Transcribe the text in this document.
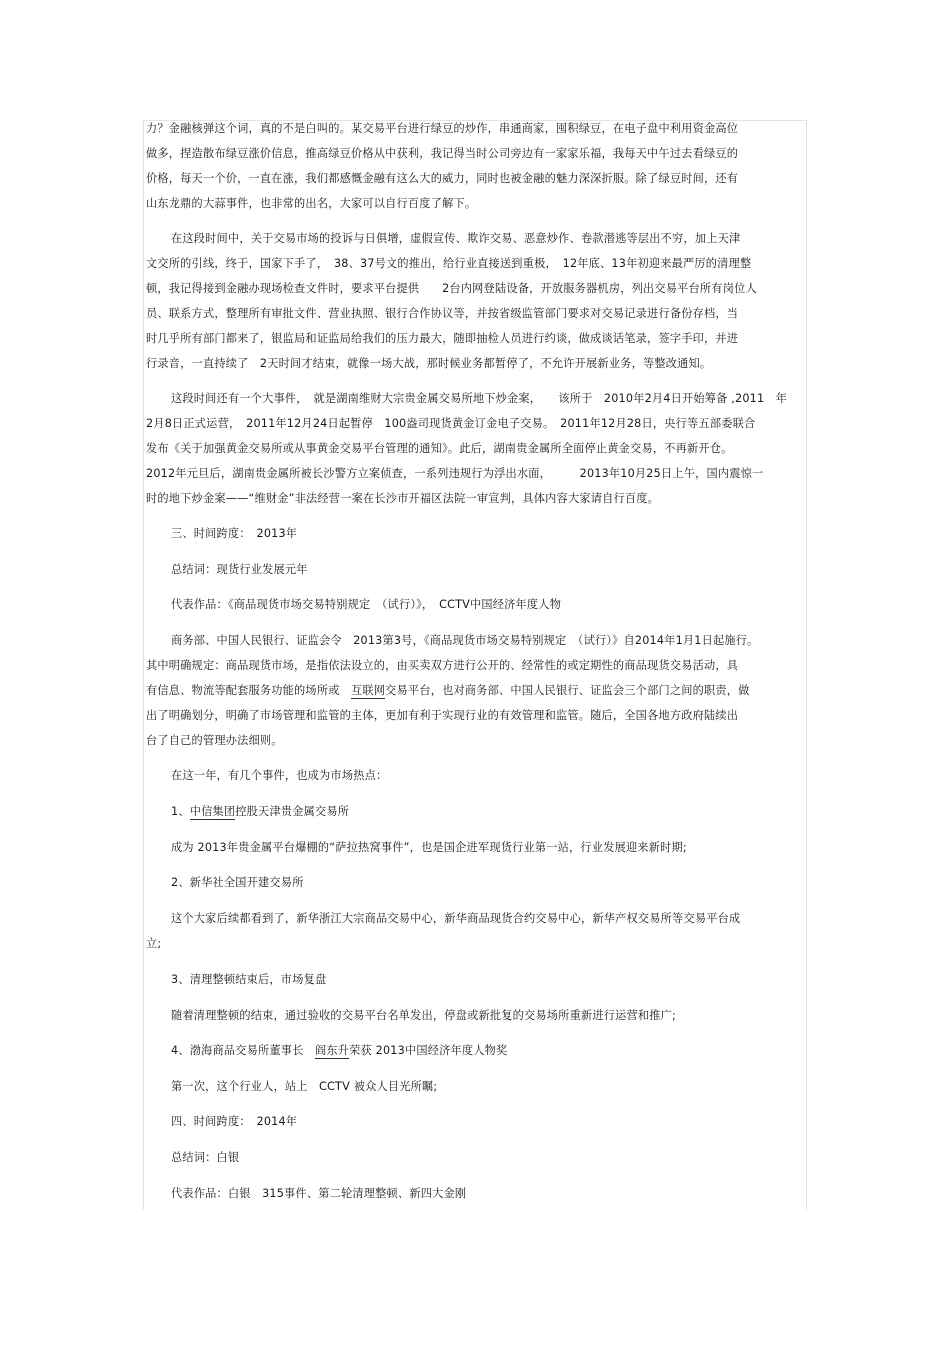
力？金融核弹这个词，真的不是白叫的。某交易平台进行绿豆的炒作，串通商家，囤积绿豆，在电子盘中利用资金高位
做多，捏造散布绿豆涨价信息，推高绿豆价格从中获利，我记得当时公司旁边有一家家乐福，我每天中午过去看绿豆的
价格，每天一个价，一直在涨，我们都感慨金融有这么大的威力，同时也被金融的魅力深深折服。除了绿豆时间，还有
山东龙鼎的大蒜事件，也非常的出名，大家可以自行百度了解下。
在这段时间中，关于交易市场的投诉与日俱增，虚假宣传、欺诈交易、恶意炒作、卷款潜逃等层出不穷，加上天津
文交所的引线，终于，国家下手了，　38、37号文的推出，给行业直接送到重极，　12年底、13年初迎来最严厉的清理整
顿，我记得接到金融办现场检查文件时，要求平台提供　　2台内网登陆设备，开放服务器机房，列出交易平台所有岗位人
员、联系方式，整理所有审批文件、营业执照、银行合作协议等，并按省级监管部门要求对交易记录进行备份存档，当
时几乎所有部门都来了，银监局和证监局给我们的压力最大，随即抽检人员进行约谈，做成谈话笔录，签字手印，并进
行录音，一直持续了　2天时间才结束，就像一场大战，那时候业务都暂停了，不允许开展新业务，等整改通知。
这段时间还有一个大事件，　就是湖南维财大宗贵金属交易所地下炒金案，　　该所于　2010年2月4日开始筹备 ,2011　年
2月8日正式运营，　2011年12月24日起暂停　100盎司现货黄金订金电子交易。　2011年12月28日，央行等五部委联合
发布《关于加强黄金交易所或从事黄金交易平台管理的通知》。此后，湖南贵金属所全面停止黄金交易，不再新开仓。
2012年元旦后，湖南贵金属所被长沙警方立案侦查，一系列违规行为浮出水面，　　　2013年10月25日上午，国内震惊一
时的地下炒金案——“维财金”非法经营一案在长沙市开福区法院一审宣判，具体内容大家请自行百度。
三、时间跨度：　2013年
总结词：现货行业发展元年
代表作品：《商品现货市场交易特别规定　（试行）》，　CCTV中国经济年度人物
商务部、中国人民银行、证监会令　2013第3号，《商品现货市场交易特别规定　（试行）》自2014年1月1日起施行。
其中明确规定：商品现货市场，是指依法设立的，由买卖双方进行公开的、经常性的或定期性的商品现货交易活动，具
有信息、物流等配套服务功能的场所或　互联网交易平台，也对商务部、中国人民银行、证监会三个部门之间的职责，做
出了明确划分，明确了市场管理和监管的主体，更加有利于实现行业的有效管理和监管。随后，全国各地方政府陆续出
台了自己的管理办法细则。
在这一年，有几个事件，也成为市场热点：
1、中信集团控股天津贵金属交易所
成为 2013年贵金属平台爆棚的“萨拉热窝事件”，也是国企进军现货行业第一站，行业发展迎来新时期;
2、新华社全国开建交易所
这个大家后续都看到了，新华浙江大宗商品交易中心，新华商品现货合约交易中心，新华产权交易所等交易平台成
立;
3、清理整顿结束后，市场复盘
随着清理整顿的结束，通过验收的交易平台名单发出，停盘或新批复的交易场所重新进行运营和推广;
4、渤海商品交易所董事长　阎东升荣获 2013中国经济年度人物奖
第一次，这个行业人，站上　CCTV 被众人目光所瞩;
四、时间跨度：　2014年
总结词：白银
代表作品：白银　315事件、第二轮清理整顿、新四大金刚
